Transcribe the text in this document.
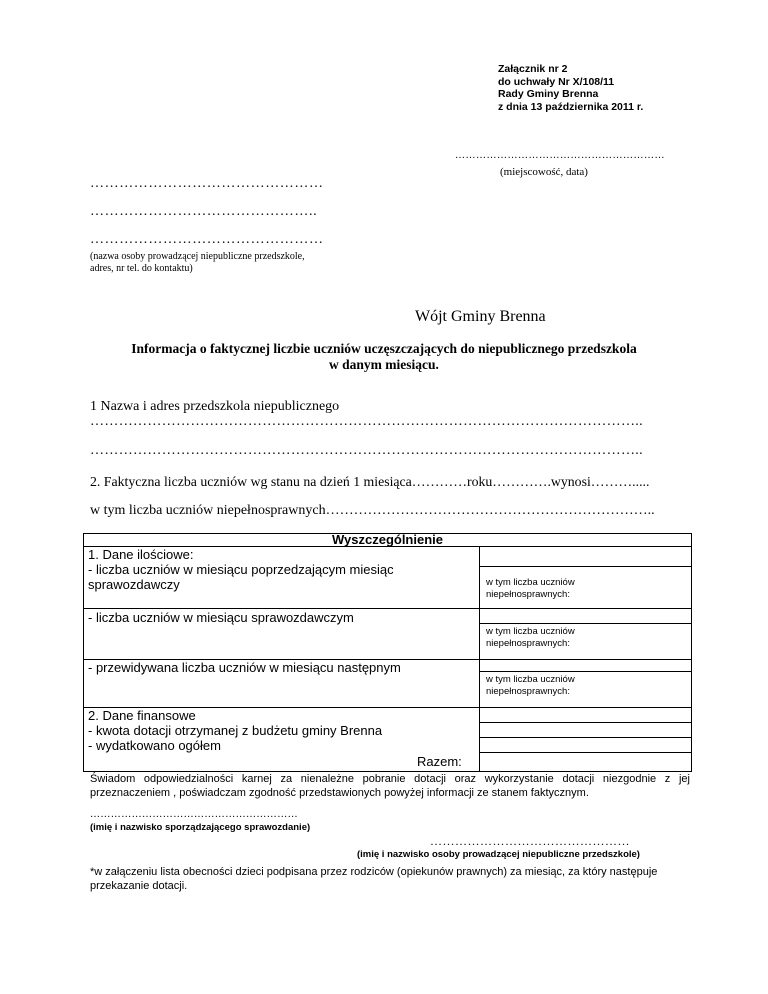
Załącznik nr 2
do uchwały Nr X/108/11
Rady Gminy Brenna
z dnia 13 października 2011 r.
……………………………………………………
(miejscowość, data)
…………………………………………
………………………………………..
…………………………………………
(nazwa osoby prowadzącej niepubliczne przedszkole,
adres, nr tel. do kontaktu)
Wójt Gminy Brenna
Informacja o faktycznej liczbie uczniów uczęszczających do niepublicznego przedszkola
w danym miesiącu.
1 Nazwa i adres przedszkola niepublicznego
……………………………………………………………………………………………………..
……………………………………………………………………………………………………..
2. Faktyczna liczba uczniów wg stanu na dzień 1 miesiąca…………roku………….wynosi……….....
w tym liczba uczniów niepełnosprawnych……………………………………………………………..
Wyszczególnienie
1. Dane ilościowe:
- liczba uczniów w miesiącu poprzedzającym miesiąc
sprawozdawczy	w tym liczba uczniów
niepełnosprawnych:
- liczba uczniów w miesiącu sprawozdawczym
w tym liczba uczniów
niepełnosprawnych:
- przewidywana liczba uczniów w miesiącu następnym
w tym liczba uczniów
niepełnosprawnych:
2. Dane finansowe
- kwota dotacji otrzymanej z budżetu gminy Brenna
- wydatkowano ogółem
Razem:
Świadom odpowiedzialności karnej za nienależne pobranie dotacji oraz wykorzystanie dotacji niezgodnie z jej przeznaczeniem , poświadczam zgodność przedstawionych powyżej informacji ze stanem faktycznym.
……………………………………………………
(imię i nazwisko sporządzającego sprawozdanie)
…………………………………………
(imię i nazwisko osoby prowadzącej niepubliczne przedszkole)
*w załączeniu lista obecności dzieci podpisana przez rodziców (opiekunów prawnych) za miesiąc, za który następuje przekazanie dotacji.
